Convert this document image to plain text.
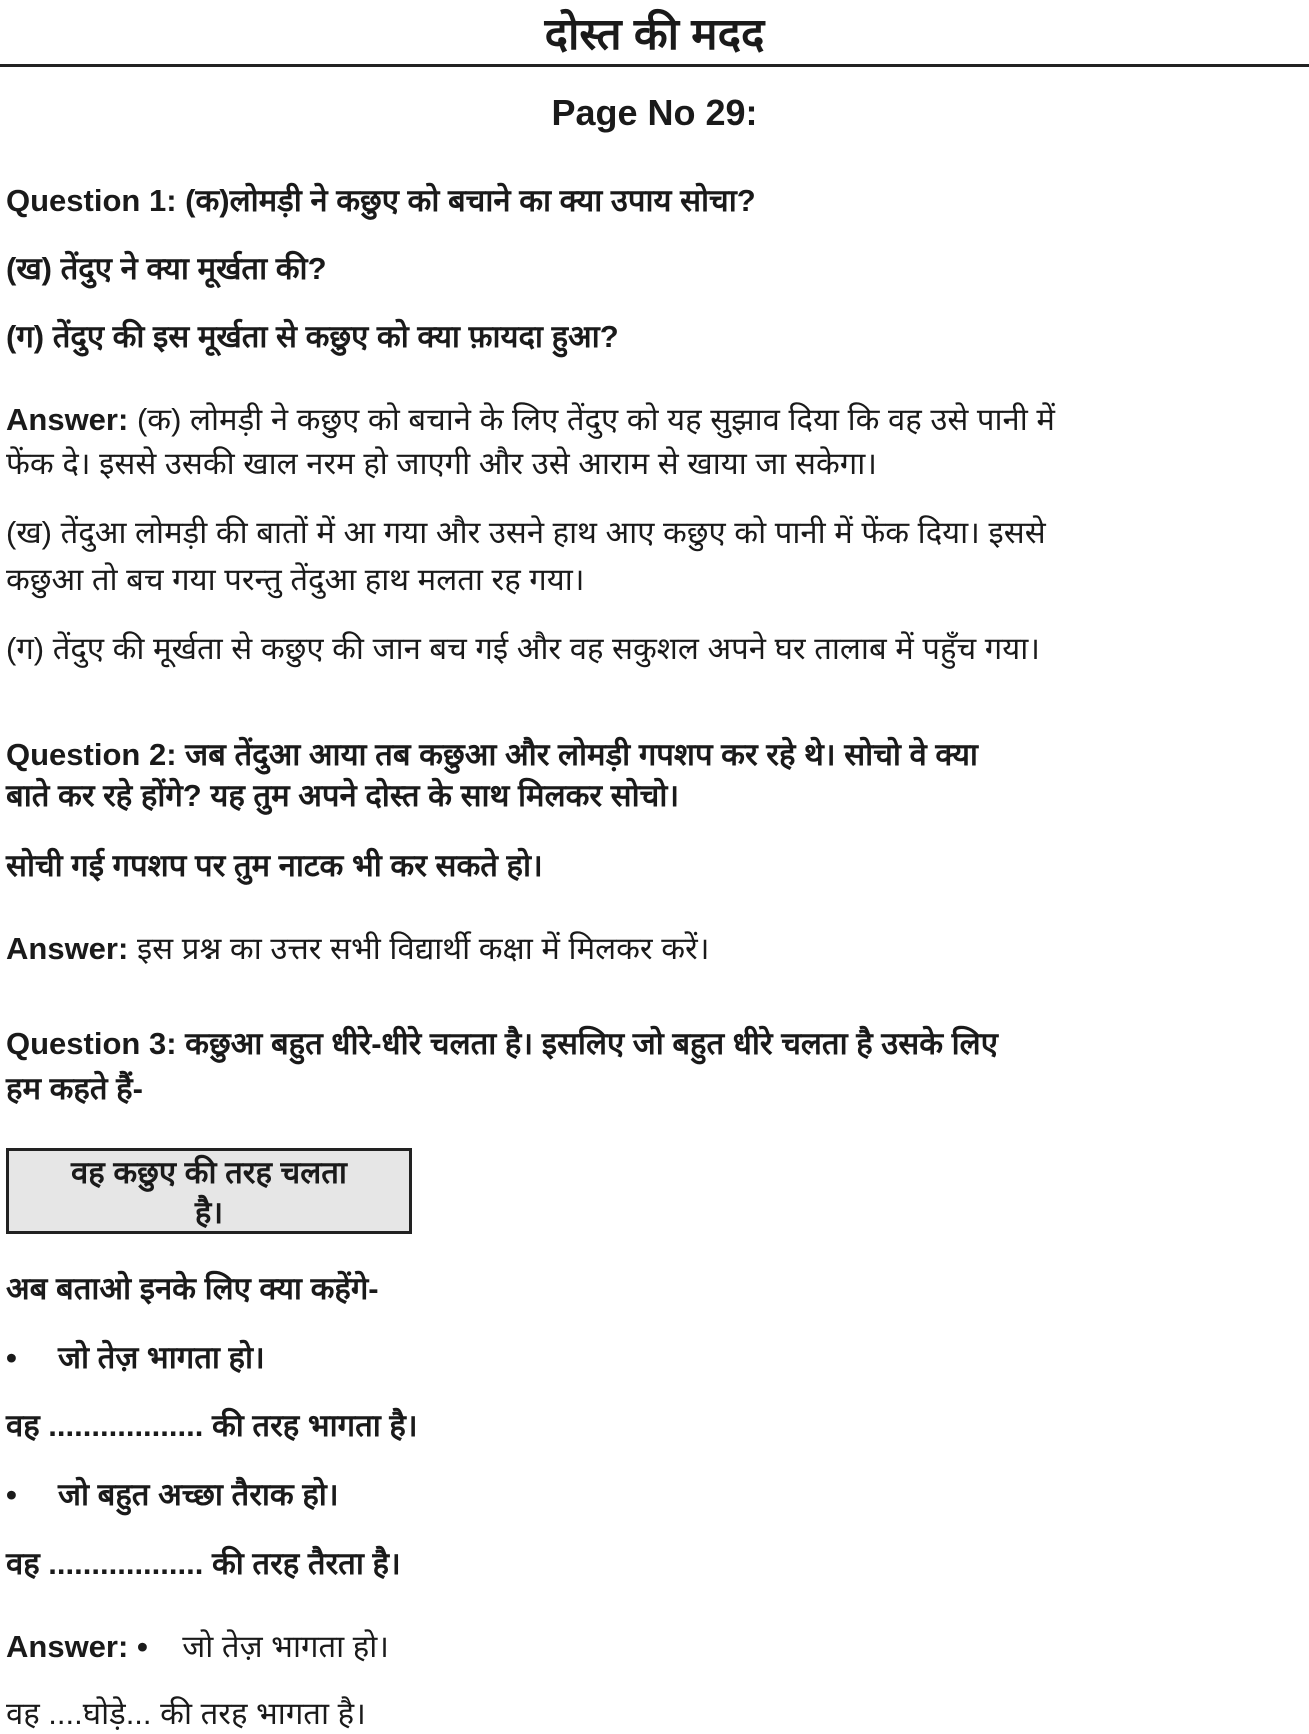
दोस्त की मदद
Page No 29:
Question 1: (क)लोमड़ी ने कछुए को बचाने का क्या उपाय सोचा?
(ख) तेंदुए ने क्या मूर्खता की?
(ग) तेंदुए की इस मूर्खता से कछुए को क्या फ़ायदा हुआ?
Answer: (क) लोमड़ी ने कछुए को बचाने के लिए तेंदुए को यह सुझाव दिया कि वह उसे पानी में
फेंक दे। इससे उसकी खाल नरम हो जाएगी और उसे आराम से खाया जा सकेगा।
(ख) तेंदुआ लोमड़ी की बातों में आ गया और उसने हाथ आए कछुए को पानी में फेंक दिया। इससे
कछुआ तो बच गया परन्तु तेंदुआ हाथ मलता रह गया।
(ग) तेंदुए की मूर्खता से कछुए की जान बच गई और वह सकुशल अपने घर तालाब में पहुँच गया।
Question 2: जब तेंदुआ आया तब कछुआ और लोमड़ी गपशप कर रहे थे। सोचो वे क्या
बाते कर रहे होंगे? यह तुम अपने दोस्त के साथ मिलकर सोचो।
सोची गई गपशप पर तुम नाटक भी कर सकते हो।
Answer: इस प्रश्न का उत्तर सभी विद्यार्थी कक्षा में मिलकर करें।
Question 3: कछुआ बहुत धीरे-धीरे चलता है। इसलिए जो बहुत धीरे चलता है उसके लिए
हम कहते हैं-
वह कछुए की तरह चलता
है।
अब बताओ इनके लिए क्या कहेंगे-
• जो तेज़ भागता हो।
वह .................. की तरह भागता है।
• जो बहुत अच्छा तैराक हो।
वह .................. की तरह तैरता है।
Answer: • जो तेज़ भागता हो।
वह ....घोड़े... की तरह भागता है।
